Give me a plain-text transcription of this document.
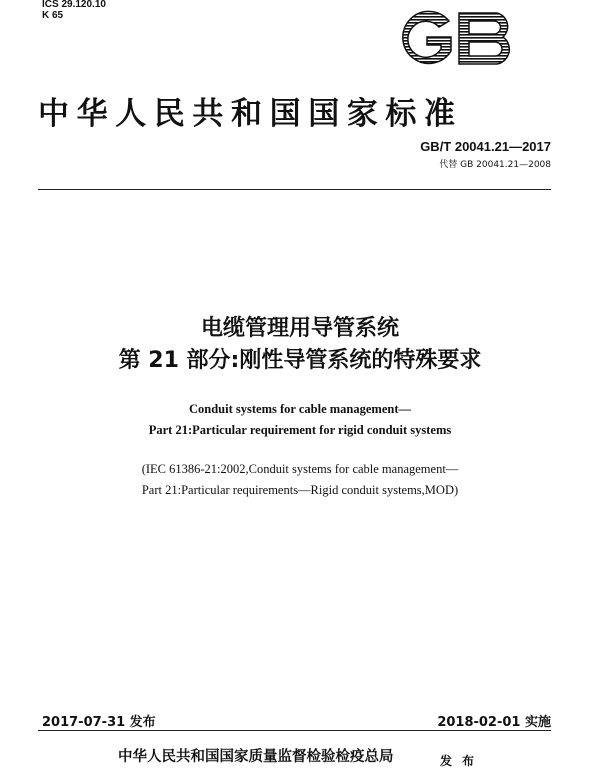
ICS 29.120.10
K 65
GB
中华人民共和国国家标准
GB/T 20041.21—2017
代替 GB 20041.21—2008
电缆管理用导管系统
第 21 部分:刚性导管系统的特殊要求
Conduit systems for cable management—
Part 21:Particular requirement for rigid conduit systems
(IEC 61386-21:2002,Conduit systems for cable management—
Part 21:Particular requirements—Rigid conduit systems,MOD)
2017-07-31 发布	2018-02-01 实施
中华人民共和国国家质量监督检验检疫总局	发布
